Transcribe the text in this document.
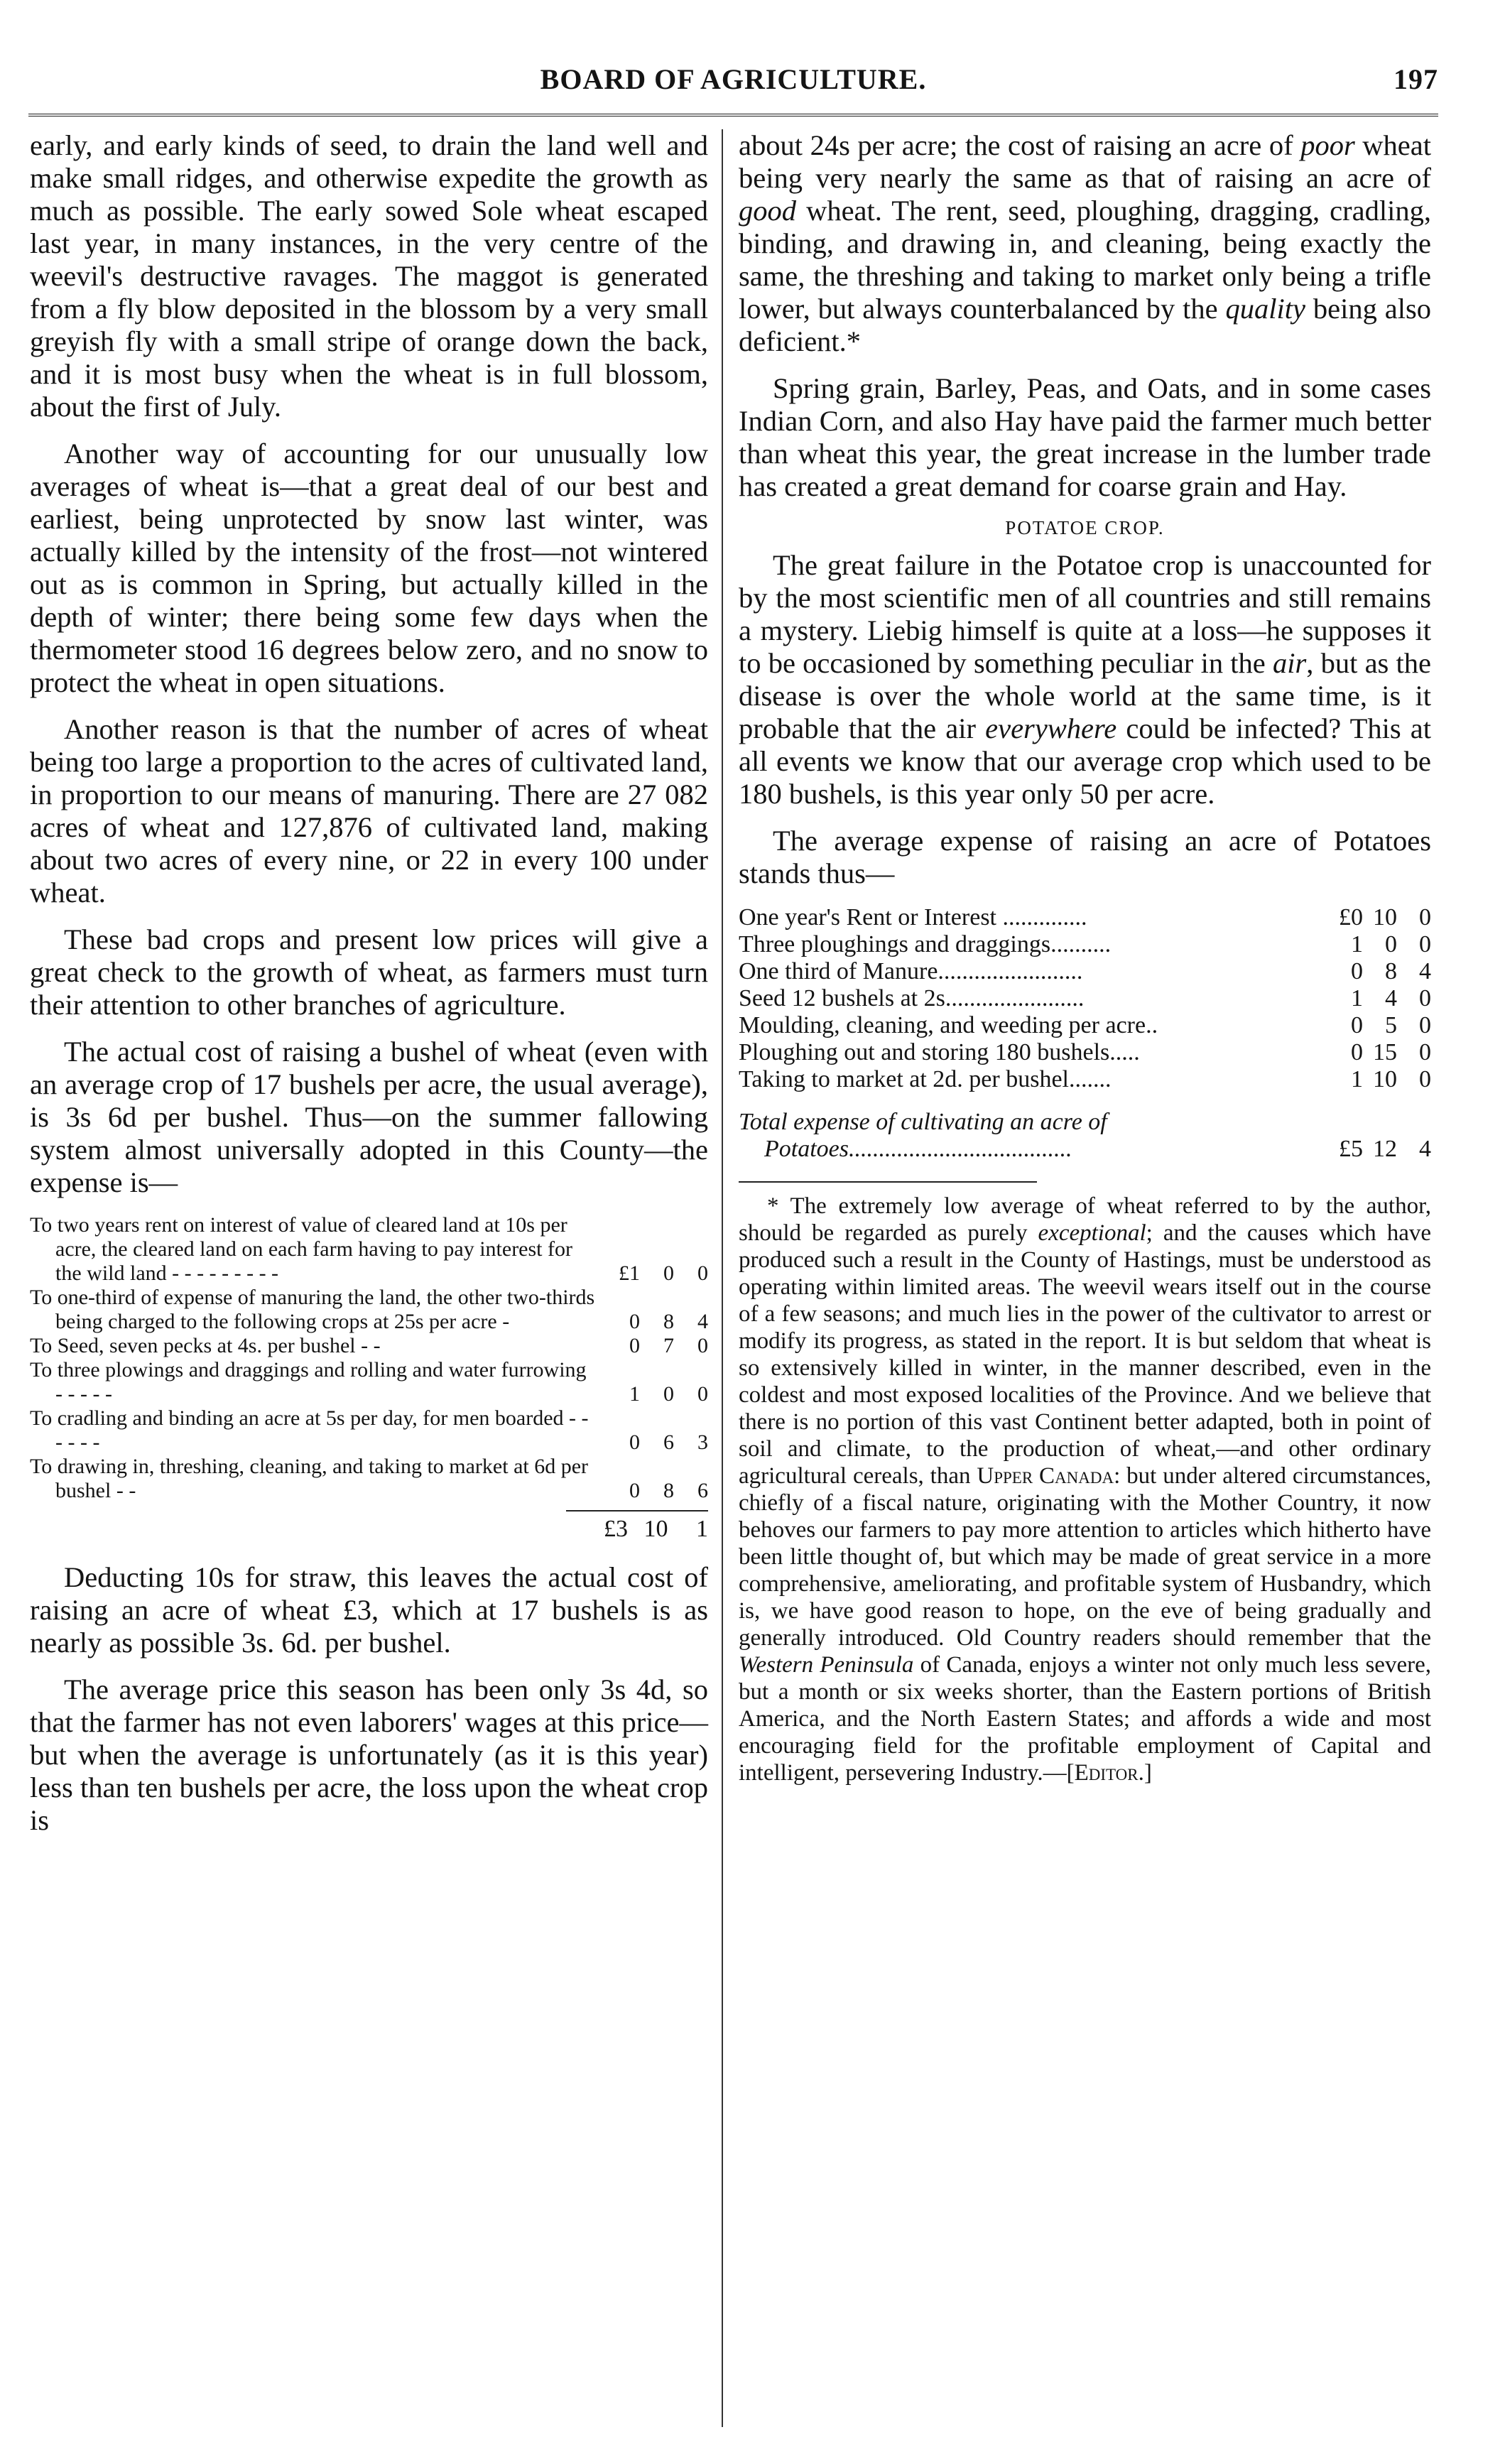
BOARD OF AGRICULTURE.	197

early, and early kinds of seed, to drain the land well and make small ridges, and otherwise expedite the growth as much as possible. The early sowed Sole wheat escaped last year, in many instances, in the very centre of the weevil's destructive ravages. The maggot is generated from a fly blow deposited in the blossom by a very small greyish fly with a small stripe of orange down the back, and it is most busy when the wheat is in full blossom, about the first of July.

Another way of accounting for our unusually low averages of wheat is—that a great deal of our best and earliest, being unprotected by snow last winter, was actually killed by the intensity of the frost—not wintered out as is common in Spring, but actually killed in the depth of winter; there being some few days when the thermometer stood 16 degrees below zero, and no snow to protect the wheat in open situations.

Another reason is that the number of acres of wheat being too large a proportion to the acres of cultivated land, in proportion to our means of manuring. There are 27 082 acres of wheat and 127,876 of cultivated land, making about two acres of every nine, or 22 in every 100 under wheat.

These bad crops and present low prices will give a great check to the growth of wheat, as farmers must turn their attention to other branches of agriculture.

The actual cost of raising a bushel of wheat (even with an average crop of 17 bushels per acre, the usual average), is 3s 6d per bushel. Thus—on the summer fallowing system almost universally adopted in this County—the expense is—

To two years rent on interest of value of cleared land at 10s per acre, the cleared land on each farm having to pay interest for the wild land - - - - - - - - -	£1	0	0
To one-third of expense of manuring the land, the other two-thirds being charged to the following crops at 25s per acre -	0	8	4
To Seed, seven pecks at 4s. per bushel - -	0	7	0
To three plowings and draggings and rolling and water furrowing - - - - -	1	0	0
To cradling and binding an acre at 5s per day, for men boarded - - - - - -	0	6	3
To drawing in, threshing, cleaning, and taking to market at 6d per bushel - -	0	8	6
£3 10 1

Deducting 10s for straw, this leaves the actual cost of raising an acre of wheat £3, which at 17 bushels is as nearly as possible 3s. 6d. per bushel.

The average price this season has been only 3s 4d, so that the farmer has not even laborers' wages at this price—but when the average is unfortunately (as it is this year) less than ten bushels per acre, the loss upon the wheat crop is

about 24s per acre; the cost of raising an acre of poor wheat being very nearly the same as that of raising an acre of good wheat. The rent, seed, ploughing, dragging, cradling, binding, and drawing in, and cleaning, being exactly the same, the threshing and taking to market only being a trifle lower, but always counterbalanced by the quality being also deficient.*

Spring grain, Barley, Peas, and Oats, and in some cases Indian Corn, and also Hay have paid the farmer much better than wheat this year, the great increase in the lumber trade has created a great demand for coarse grain and Hay.

POTATOE CROP.

The great failure in the Potatoe crop is unaccounted for by the most scientific men of all countries and still remains a mystery. Liebig himself is quite at a loss—he supposes it to be occasioned by something peculiar in the air, but as the disease is over the whole world at the same time, is it probable that the air everywhere could be infected? This at all events we know that our average crop which used to be 180 bushels, is this year only 50 per acre.

The average expense of raising an acre of Potatoes stands thus—

One year's Rent or Interest ..............	£0	10	0
Three ploughings and draggings..........	1	0	0
One third of Manure........................	0	8	4
Seed 12 bushels at 2s.......................	1	4	0
Moulding, cleaning, and weeding per acre..	0	5	0
Ploughing out and storing 180 bushels.....	0	15	0
Taking to market at 2d. per bushel.......	1	10	0
Total expense of cultivating an acre of Potatoes.....................................	£5	12	4

* The extremely low average of wheat referred to by the author, should be regarded as purely exceptional; and the causes which have produced such a result in the County of Hastings, must be understood as operating within limited areas. The weevil wears itself out in the course of a few seasons; and much lies in the power of the cultivator to arrest or modify its progress, as stated in the report. It is but seldom that wheat is so extensively killed in winter, in the manner described, even in the coldest and most exposed localities of the Province. And we believe that there is no portion of this vast Continent better adapted, both in point of soil and climate, to the production of wheat,—and other ordinary agricultural cereals, than Upper Canada: but under altered circumstances, chiefly of a fiscal nature, originating with the Mother Country, it now behoves our farmers to pay more attention to articles which hitherto have been little thought of, but which may be made of great service in a more comprehensive, ameliorating, and profitable system of Husbandry, which is, we have good reason to hope, on the eve of being gradually and generally introduced. Old Country readers should remember that the Western Peninsula of Canada, enjoys a winter not only much less severe, but a month or six weeks shorter, than the Eastern portions of British America, and the North Eastern States; and affords a wide and most encouraging field for the profitable employment of Capital and intelligent, persevering Industry.—[Editor.]
